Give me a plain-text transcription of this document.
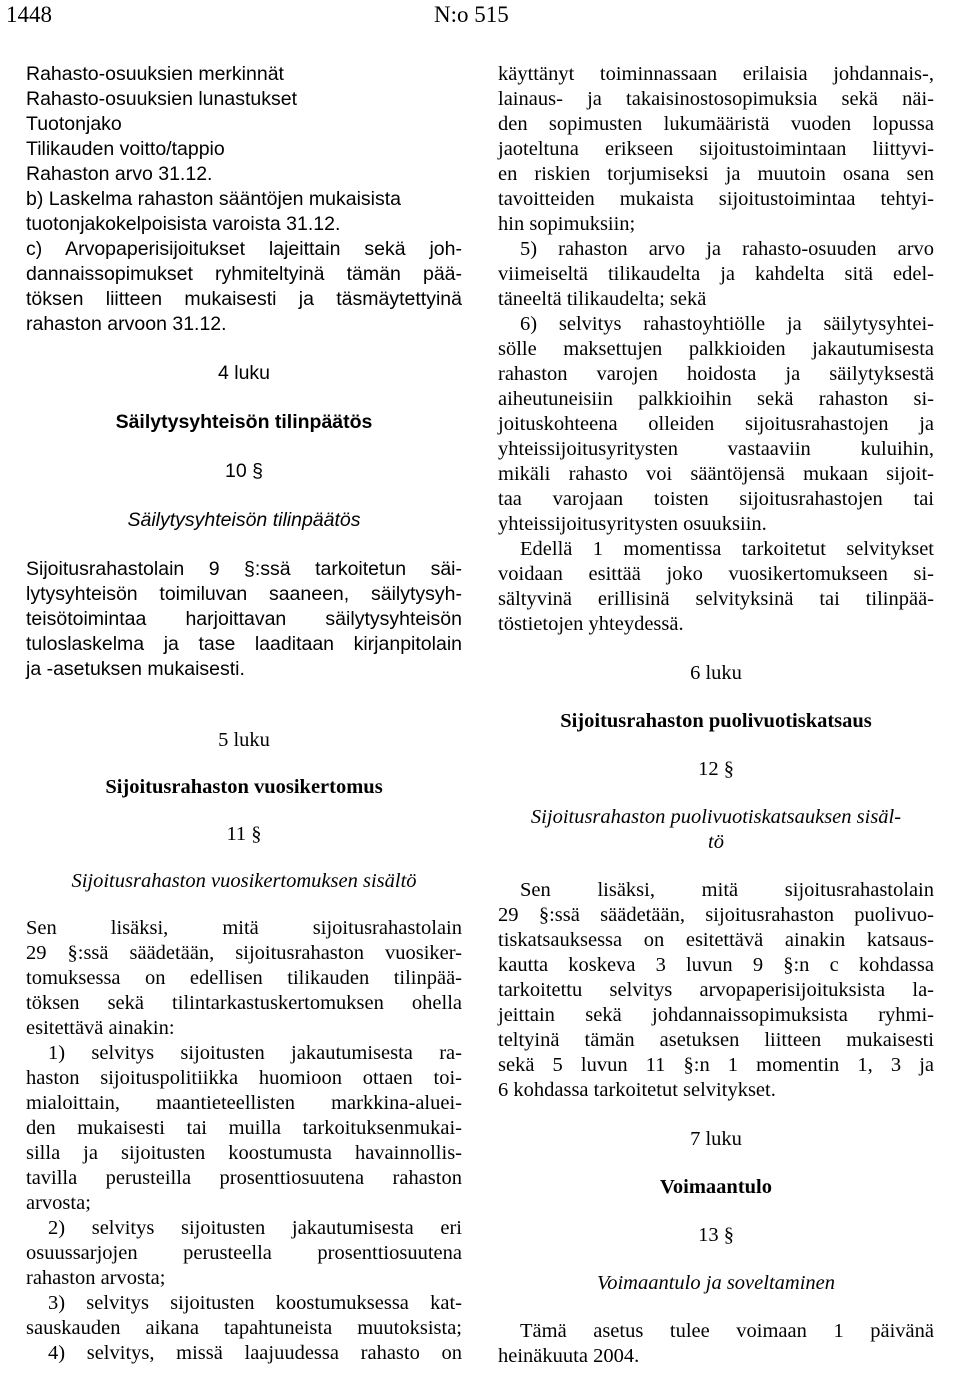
1448	N:o 515
Rahasto-osuuksien merkinnät
Rahasto-osuuksien lunastukset
Tuotonjako
Tilikauden voitto/tappio
Rahaston arvo 31.12.
b) Laskelma rahaston sääntöjen mukaisista
tuotonjakokelpoisista varoista 31.12.
c) Arvopaperisijoitukset lajeittain sekä joh-
dannaissopimukset ryhmiteltyinä tämän pää-
töksen liitteen mukaisesti ja täsmäytettyinä
rahaston arvoon 31.12.
4 luku
Säilytysyhteisön tilinpäätös
10 §
Säilytysyhteisön tilinpäätös
Sijoitusrahastolain 9 §:ssä tarkoitetun säi-
lytysyhteisön toimiluvan saaneen, säilytysyh-
teisötoimintaa harjoittavan säilytysyhteisön
tuloslaskelma ja tase laaditaan kirjanpitolain
ja -asetuksen mukaisesti.
5 luku
Sijoitusrahaston vuosikertomus
11 §
Sijoitusrahaston vuosikertomuksen sisältö
Sen lisäksi, mitä sijoitusrahastolain
29 §:ssä säädetään, sijoitusrahaston vuosiker-
tomuksessa on edellisen tilikauden tilinpää-
töksen sekä tilintarkastuskertomuksen ohella
esitettävä ainakin:
1) selvitys sijoitusten jakautumisesta ra-
haston sijoituspolitiikka huomioon ottaen toi-
mialoittain, maantieteellisten markkina-aluei-
den mukaisesti tai muilla tarkoituksenmukai-
silla ja sijoitusten koostumusta havainnollis-
tavilla perusteilla prosenttiosuutena rahaston
arvosta;
2) selvitys sijoitusten jakautumisesta eri
osuussarjojen perusteella prosenttiosuutena
rahaston arvosta;
3) selvitys sijoitusten koostumuksessa kat-
sauskauden aikana tapahtuneista muutoksista;
4) selvitys, missä laajuudessa rahasto on
käyttänyt toiminnassaan erilaisia johdannais-,
lainaus- ja takaisinostosopimuksia sekä näi-
den sopimusten lukumääristä vuoden lopussa
jaoteltuna erikseen sijoitustoimintaan liittyvi-
en riskien torjumiseksi ja muutoin osana sen
tavoitteiden mukaista sijoitustoimintaa tehtyi-
hin sopimuksiin;
5) rahaston arvo ja rahasto-osuuden arvo
viimeiseltä tilikaudelta ja kahdelta sitä edel-
täneeltä tilikaudelta; sekä
6) selvitys rahastoyhtiölle ja säilytysyhtei-
sölle maksettujen palkkioiden jakautumisesta
rahaston varojen hoidosta ja säilytyksestä
aiheutuneisiin palkkioihin sekä rahaston si-
joituskohteena olleiden sijoitusrahastojen ja
yhteissijoitusyritysten vastaaviin kuluihin,
mikäli rahasto voi sääntöjensä mukaan sijoit-
taa varojaan toisten sijoitusrahastojen tai
yhteissijoitusyritysten osuuksiin.
Edellä 1 momentissa tarkoitetut selvitykset
voidaan esittää joko vuosikertomukseen si-
sältyvinä erillisinä selvityksinä tai tilinpää-
töstietojen yhteydessä.
6 luku
Sijoitusrahaston puolivuotiskatsaus
12 §
Sijoitusrahaston puolivuotiskatsauksen sisäl-
tö
Sen lisäksi, mitä sijoitusrahastolain
29 §:ssä säädetään, sijoitusrahaston puolivuo-
tiskatsauksessa on esitettävä ainakin katsaus-
kautta koskeva 3 luvun 9 §:n c kohdassa
tarkoitettu selvitys arvopaperisijoituksista la-
jeittain sekä johdannaissopimuksista ryhmi-
teltyinä tämän asetuksen liitteen mukaisesti
sekä 5 luvun 11 §:n 1 momentin 1, 3 ja
6 kohdassa tarkoitetut selvitykset.
7 luku
Voimaantulo
13 §
Voimaantulo ja soveltaminen
Tämä asetus tulee voimaan 1 päivänä
heinäkuuta 2004.
